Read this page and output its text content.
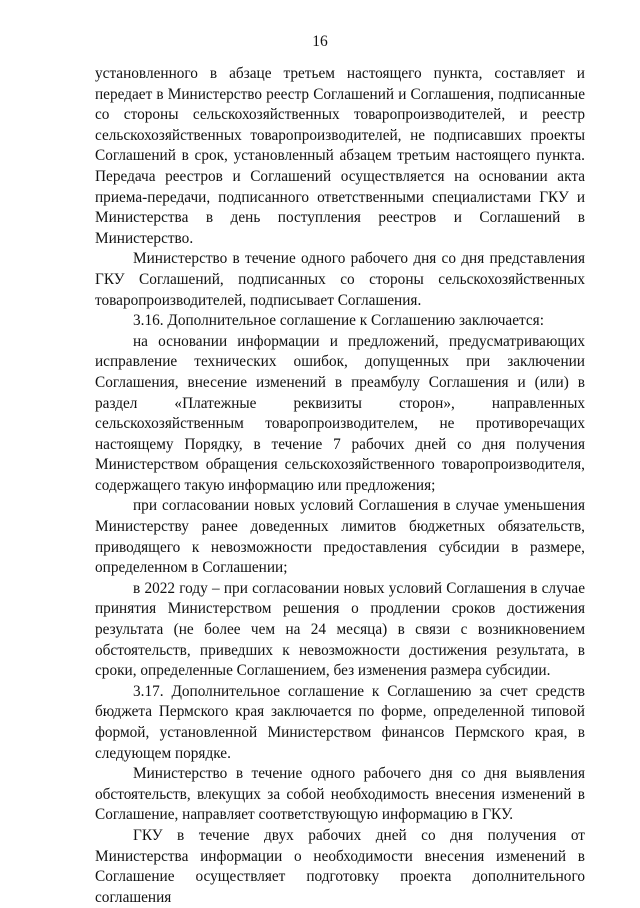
16

установленного в абзаце третьем настоящего пункта, составляет и передает в Министерство реестр Соглашений и Соглашения, подписанные со стороны сельскохозяйственных товаропроизводителей, и реестр сельскохозяйственных товаропроизводителей, не подписавших проекты Соглашений в срок, установленный абзацем третьим настоящего пункта. Передача реестров и Соглашений осуществляется на основании акта приема-передачи, подписанного ответственными специалистами ГКУ и Министерства в день поступления реестров и Соглашений в Министерство.

Министерство в течение одного рабочего дня со дня представления ГКУ Соглашений, подписанных со стороны сельскохозяйственных товаропроизводителей, подписывает Соглашения.

3.16. Дополнительное соглашение к Соглашению заключается:

на основании информации и предложений, предусматривающих исправление технических ошибок, допущенных при заключении Соглашения, внесение изменений в преамбулу Соглашения и (или) в раздел «Платежные реквизиты сторон», направленных сельскохозяйственным товаропроизводителем, не противоречащих настоящему Порядку, в течение 7 рабочих дней со дня получения Министерством обращения сельскохозяйственного товаропроизводителя, содержащего такую информацию или предложения;

при согласовании новых условий Соглашения в случае уменьшения Министерству ранее доведенных лимитов бюджетных обязательств, приводящего к невозможности предоставления субсидии в размере, определенном в Соглашении;

в 2022 году – при согласовании новых условий Соглашения в случае принятия Министерством решения о продлении сроков достижения результата (не более чем на 24 месяца) в связи с возникновением обстоятельств, приведших к невозможности достижения результата, в сроки, определенные Соглашением, без изменения размера субсидии.

3.17. Дополнительное соглашение к Соглашению за счет средств бюджета Пермского края заключается по форме, определенной типовой формой, установленной Министерством финансов Пермского края, в следующем порядке.

Министерство в течение одного рабочего дня со дня выявления обстоятельств, влекущих за собой необходимость внесения изменений в Соглашение, направляет соответствующую информацию в ГКУ.

ГКУ в течение двух рабочих дней со дня получения от Министерства информации о необходимости внесения изменений в Соглашение осуществляет подготовку проекта дополнительного соглашения
